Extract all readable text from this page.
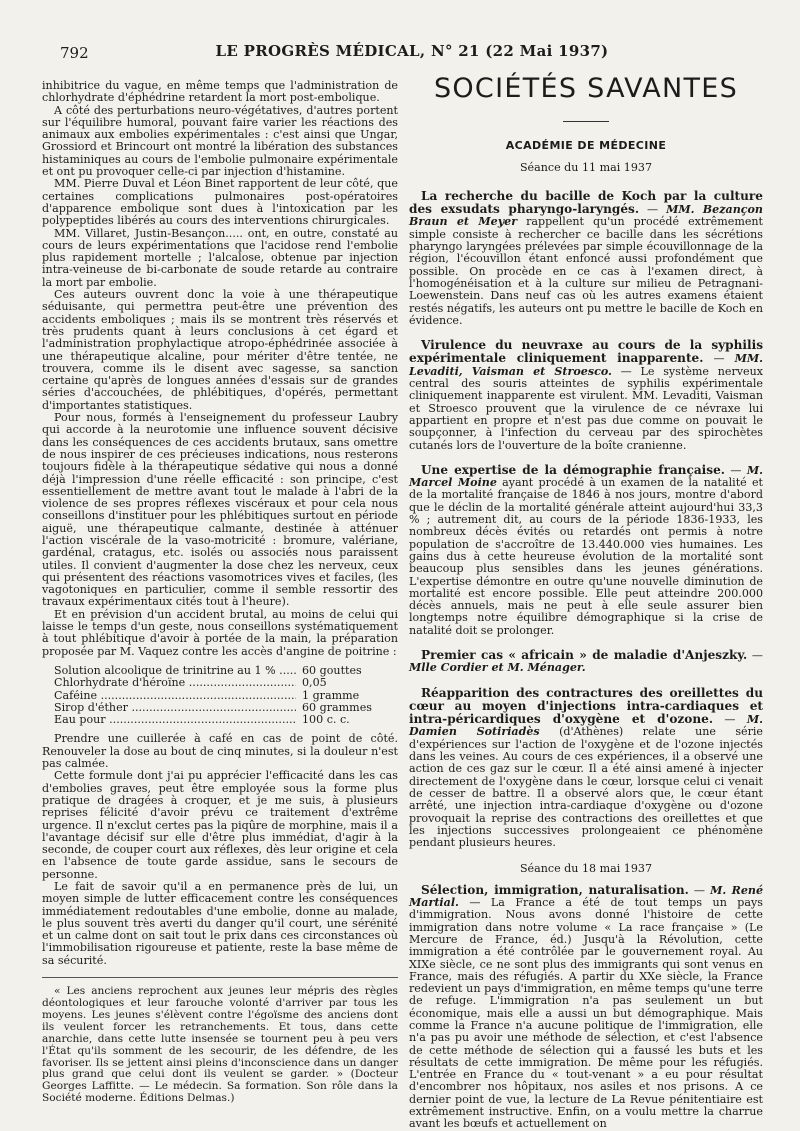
792	LE PROGRÈS MÉDICAL, N° 21 (22 Mai 1937)

inhibitrice du vague, en même temps que l'administration de chlorhydrate d'éphédrine retardent la mort post-embolique.

A côté des perturbations neuro-végétatives, d'autres portent sur l'équilibre humoral, pouvant faire varier les réactions des animaux aux embolies expérimentales : c'est ainsi que Ungar, Grossiord et Brincourt ont montré la libération des substances histaminiques au cours de l'embolie pulmonaire expérimentale et ont pu provoquer celle-ci par injection d'histamine.

MM. Pierre Duval et Léon Binet rapportent de leur côté, que certaines complications pulmonaires post-opératoires d'apparence embolique sont dues à l'intoxication par les polypeptides libérés au cours des interventions chirurgicales.

MM. Villaret, Justin-Besançon..... ont, en outre, constaté au cours de leurs expérimentations que l'acidose rend l'embolie plus rapidement mortelle ; l'alcalose, obtenue par injection intra-veineuse de bi-carbonate de soude retarde au contraire la mort par embolie.

Ces auteurs ouvrent donc la voie à une thérapeutique séduisante, qui permettra peut-être une prévention des accidents emboliques ; mais ils se montrent très réservés et très prudents quant à leurs conclusions à cet égard et l'administration prophylactique atropo-éphédrinée associée à une thérapeutique alcaline, pour mériter d'être tentée, ne trouvera, comme ils le disent avec sagesse, sa sanction certaine qu'après de longues années d'essais sur de grandes séries d'accouchées, de phlébitiques, d'opérés, permettant d'importantes statistiques.

Pour nous, formés à l'enseignement du professeur Laubry qui accorde à la neurotomie une influence souvent décisive dans les conséquences de ces accidents brutaux, sans omettre de nous inspirer de ces précieuses indications, nous resterons toujours fidèle à la thérapeutique sédative qui nous a donné déjà l'impression d'une réelle efficacité : son principe, c'est essentiellement de mettre avant tout le malade à l'abri de la violence de ses propres réflexes viscéraux et pour cela nous conseillons d'instituer pour les phlébitiques surtout en période aiguë, une thérapeutique calmante, destinée à atténuer l'action viscérale de la vaso-motricité : bromure, valériane, gardénal, cratagus, etc. isolés ou associés nous paraissent utiles. Il convient d'augmenter la dose chez les nerveux, ceux qui présentent des réactions vasomotrices vives et faciles, (les vagotoniques en particulier, comme il semble ressortir des travaux expérimentaux cités tout à l'heure).

Et en prévision d'un accident brutal, au moins de celui qui laisse le temps d'un geste, nous conseillons systématiquement à tout phlébitique d'avoir à portée de la main, la préparation proposée par M. Vaquez contre les accès d'angine de poitrine :

Solution alcoolique de trinitrine au 1 % .....	60 gouttes
Chlorhydrate d'héroïne .....	0,05
Caféine .....	1 gramme
Sirop d'éther .....	60 grammes
Eau pour .....	100 c. c.

Prendre une cuillerée à café en cas de point de côté. Renouveler la dose au bout de cinq minutes, si la douleur n'est pas calmée.

Cette formule dont j'ai pu apprécier l'efficacité dans les cas d'embolies graves, peut être employée sous la forme plus pratique de dragées à croquer, et je me suis, à plusieurs reprises félicité d'avoir prévu ce traitement d'extrême urgence. Il n'exclut certes pas la piqûre de morphine, mais il a l'avantage décisif sur elle d'être plus immédiat, d'agir à la seconde, de couper court aux réflexes, dès leur origine et cela en l'absence de toute garde assidue, sans le secours de personne.

Le fait de savoir qu'il a en permanence près de lui, un moyen simple de lutter efficacement contre les conséquences immédiatement redoutables d'une embolie, donne au malade, le plus souvent très averti du danger qu'il court, une sérénité et un calme dont on sait tout le prix dans ces circonstances où l'immobilisation rigoureuse et patiente, reste la base même de sa sécurité.

« Les anciens reprochent aux jeunes leur mépris des règles déontologiques et leur farouche volonté d'arriver par tous les moyens. Les jeunes s'élèvent contre l'égoïsme des anciens dont ils veulent forcer les retranchements. Et tous, dans cette anarchie, dans cette lutte insensée se tournent peu à peu vers l'État qu'ils somment de les secourir, de les défendre, de les favoriser. Ils se jettent ainsi pleins d'inconscience dans un danger plus grand que celui dont ils veulent se garder. » (Docteur Georges Laffitte. — Le médecin. Sa formation. Son rôle dans la Société moderne. Éditions Delmas.)

SOCIÉTÉS SAVANTES
ACADÉMIE DE MÉDECINE
Séance du 11 mai 1937

La recherche du bacille de Koch par la culture des exsudats pharyngo-laryngés. — MM. Bezançon Braun et Meyer rappellent qu'un procédé extrêmement simple consiste à rechercher ce bacille dans les sécrétions pharyngo laryngées prélevées par simple écouvillonnage de la région, l'écouvillon étant enfoncé aussi profondément que possible. On procède en ce cas à l'examen direct, à l'homogénéisation et à la culture sur milieu de Petragnani-Loewenstein. Dans neuf cas où les autres examens étaient restés négatifs, les auteurs ont pu mettre le bacille de Koch en évidence.

Virulence du neuvraxe au cours de la syphilis expérimentale cliniquement inapparente. — MM. Levaditi, Vaisman et Stroesco. — Le système nerveux central des souris atteintes de syphilis expérimentale cliniquement inapparente est virulent. MM. Levaditi, Vaisman et Stroesco prouvent que la virulence de ce névraxe lui appartient en propre et n'est pas due comme on pouvait le soupçonner, à l'infection du cerveau par des spirochètes cutanés lors de l'ouverture de la boîte cranienne.

Une expertise de la démographie française. — M. Marcel Moine ayant procédé à un examen de la natalité et de la mortalité française de 1846 à nos jours, montre d'abord que le déclin de la mortalité générale atteint aujourd'hui 33,3 % ; autrement dit, au cours de la période 1836-1933, les nombreux décès évités ou retardés ont permis à notre population de s'accroître de 13.440.000 vies humaines. Les gains dus à cette heureuse évolution de la mortalité sont beaucoup plus sensibles dans les jeunes générations. L'expertise démontre en outre qu'une nouvelle diminution de mortalité est encore possible. Elle peut atteindre 200.000 décès annuels, mais ne peut à elle seule assurer bien longtemps notre équilibre démographique si la crise de natalité doit se prolonger.

Premier cas « africain » de maladie d'Anjeszky. — Mlle Cordier et M. Ménager.

Réapparition des contractures des oreillettes du cœur au moyen d'injections intra-cardiaques et intra-péricardiques d'oxygène et d'ozone. — M. Damien Sotiriadès (d'Athènes) relate une série d'expériences sur l'action de l'oxygène et de l'ozone injectés dans les veines. Au cours de ces expériences, il a observé une action de ces gaz sur le cœur. Il a été ainsi amené à injecter directement de l'oxygène dans le cœur, lorsque celui ci venait de cesser de battre. Il a observé alors que, le cœur étant arrêté, une injection intra-cardiaque d'oxygène ou d'ozone provoquait la reprise des contractions des oreillettes et que les injections successives prolongeaient ce phénomène pendant plusieurs heures.

Séance du 18 mai 1937

Sélection, immigration, naturalisation. — M. René Martial. — La France a été de tout temps un pays d'immigration. Nous avons donné l'histoire de cette immigration dans notre volume « La race française » (Le Mercure de France, éd.) Jusqu'à la Révolution, cette immigration a été contrôlée par le gouvernement royal. Au XIXe siècle, ce ne sont plus des immigrants qui sont venus en France, mais des réfugiés. A partir du XXe siècle, la France redevient un pays d'immigration, en même temps qu'une terre de refuge. L'immigration n'a pas seulement un but économique, mais elle a aussi un but démographique. Mais comme la France n'a aucune politique de l'immigration, elle n'a pas pu avoir une méthode de sélection, et c'est l'absence de cette méthode de sélection qui a faussé les buts et les résultats de cette immigration. De même pour les réfugiés. L'entrée en France du « tout-venant » a eu pour résultat d'encombrer nos hôpitaux, nos asiles et nos prisons. A ce dernier point de vue, la lecture de La Revue pénitentiaire est extrêmement instructive. Enfin, on a voulu mettre la charrue avant les bœufs et actuellement on
